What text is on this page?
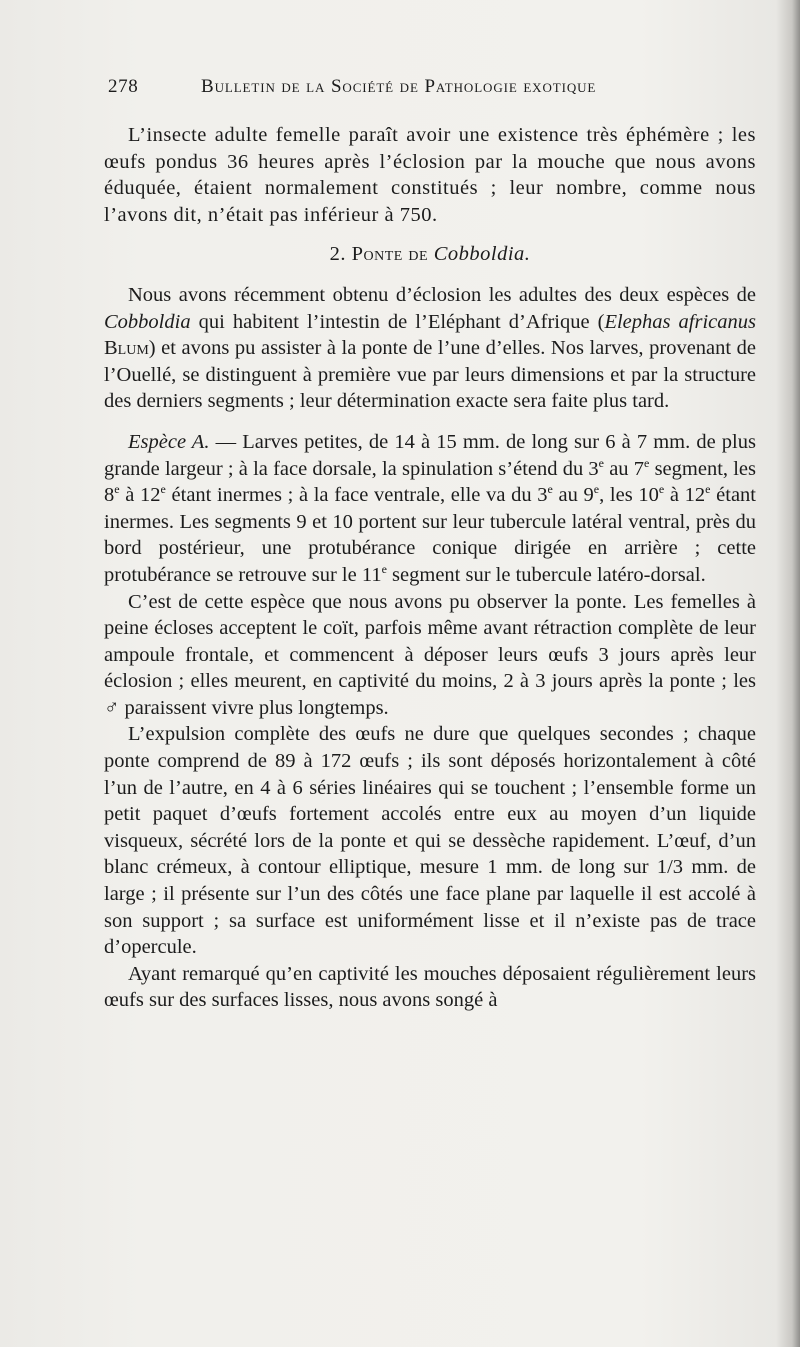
278	Bulletin de la Société de Pathologie exotique

L’insecte adulte femelle paraît avoir une existence très éphémère ; les œufs pondus 36 heures après l’éclosion par la mouche que nous avons éduquée, étaient normalement constitués ; leur nombre, comme nous l’avons dit, n’était pas inférieur à 750.

2. Ponte de Cobboldia.

Nous avons récemment obtenu d’éclosion les adultes des deux espèces de Cobboldia qui habitent l’intestin de l’Eléphant d’Afrique (Elephas africanus Blum) et avons pu assister à la ponte de l’une d’elles. Nos larves, provenant de l’Ouellé, se distinguent à première vue par leurs dimensions et par la structure des derniers segments ; leur détermination exacte sera faite plus tard.

Espèce A. — Larves petites, de 14 à 15 mm. de long sur 6 à 7 mm. de plus grande largeur ; à la face dorsale, la spinulation s’étend du 3e au 7e segment, les 8e à 12e étant inermes ; à la face ventrale, elle va du 3e au 9e, les 10e à 12e étant inermes. Les segments 9 et 10 portent sur leur tubercule latéral ventral, près du bord postérieur, une protubérance conique dirigée en arrière ; cette protubérance se retrouve sur le 11e segment sur le tubercule latéro-dorsal.

C’est de cette espèce que nous avons pu observer la ponte. Les femelles à peine écloses acceptent le coït, parfois même avant rétraction complète de leur ampoule frontale, et commencent à déposer leurs œufs 3 jours après leur éclosion ; elles meurent, en captivité du moins, 2 à 3 jours après la ponte ; les ♂ paraissent vivre plus longtemps.

L’expulsion complète des œufs ne dure que quelques secondes ; chaque ponte comprend de 89 à 172 œufs ; ils sont déposés horizontalement à côté l’un de l’autre, en 4 à 6 séries linéaires qui se touchent ; l’ensemble forme un petit paquet d’œufs fortement accolés entre eux au moyen d’un liquide visqueux, sécrété lors de la ponte et qui se dessèche rapidement. L’œuf, d’un blanc crémeux, à contour elliptique, mesure 1 mm. de long sur 1/3 mm. de large ; il présente sur l’un des côtés une face plane par laquelle il est accolé à son support ; sa surface est uniformément lisse et il n’existe pas de trace d’opercule.

Ayant remarqué qu’en captivité les mouches déposaient régulièrement leurs œufs sur des surfaces lisses, nous avons songé à
